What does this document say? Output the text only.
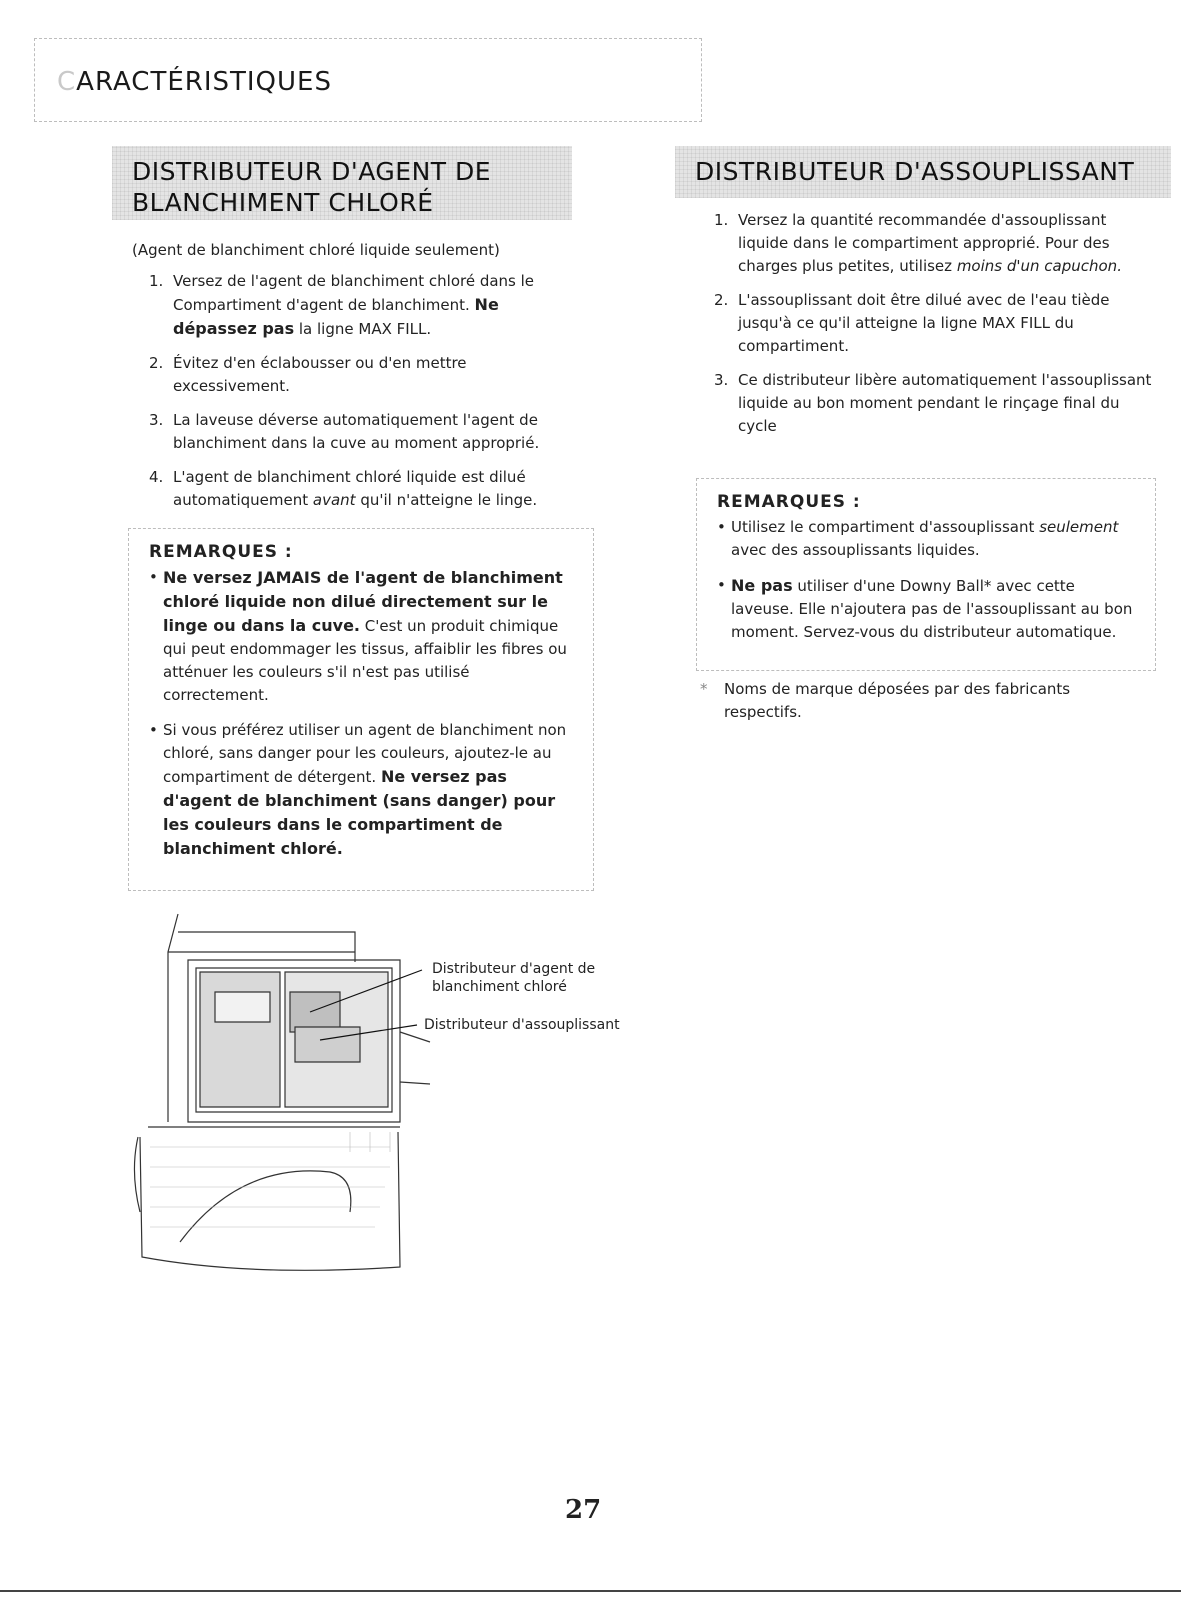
CARACTÉRISTIQUES
DISTRIBUTEUR D'AGENT DE
BLANCHIMENT CHLORÉ
(Agent de blanchiment chloré liquide seulement)
1. Versez de l'agent de blanchiment chloré dans le Compartiment d'agent de blanchiment. Ne dépassez pas la ligne MAX FILL.
2. Évitez d'en éclabousser ou d'en mettre excessivement.
3. La laveuse déverse automatiquement l'agent de blanchiment dans la cuve au moment approprié.
4. L'agent de blanchiment chloré liquide est dilué automatiquement avant qu'il n'atteigne le linge.
REMARQUES :
• Ne versez JAMAIS de l'agent de blanchiment chloré liquide non dilué directement sur le linge ou dans la cuve. C'est un produit chimique qui peut endommager les tissus, affaiblir les fibres ou atténuer les couleurs s'il n'est pas utilisé correctement.
• Si vous préférez utiliser un agent de blanchiment non chloré, sans danger pour les couleurs, ajoutez-le au compartiment de détergent. Ne versez pas d'agent de blanchiment (sans danger) pour les couleurs dans le compartiment de blanchiment chloré.
DISTRIBUTEUR D'ASSOUPLISSANT
1. Versez la quantité recommandée d'assouplissant liquide dans le compartiment approprié. Pour des charges plus petites, utilisez moins d'un capuchon.
2. L'assouplissant doit être dilué avec de l'eau tiède jusqu'à ce qu'il atteigne la ligne MAX FILL du compartiment.
3. Ce distributeur libère automatiquement l'assouplissant liquide au bon moment pendant le rinçage final du cycle
REMARQUES :
• Utilisez le compartiment d'assouplissant seulement avec des assouplissants liquides.
• Ne pas utiliser d'une Downy Ball* avec cette laveuse. Elle n'ajoutera pas de l'assouplissant au bon moment. Servez-vous du distributeur automatique.
*	Noms de marque déposées par des fabricants respectifs.
Distributeur d'agent de blanchiment chloré
Distributeur d'assouplissant
27
